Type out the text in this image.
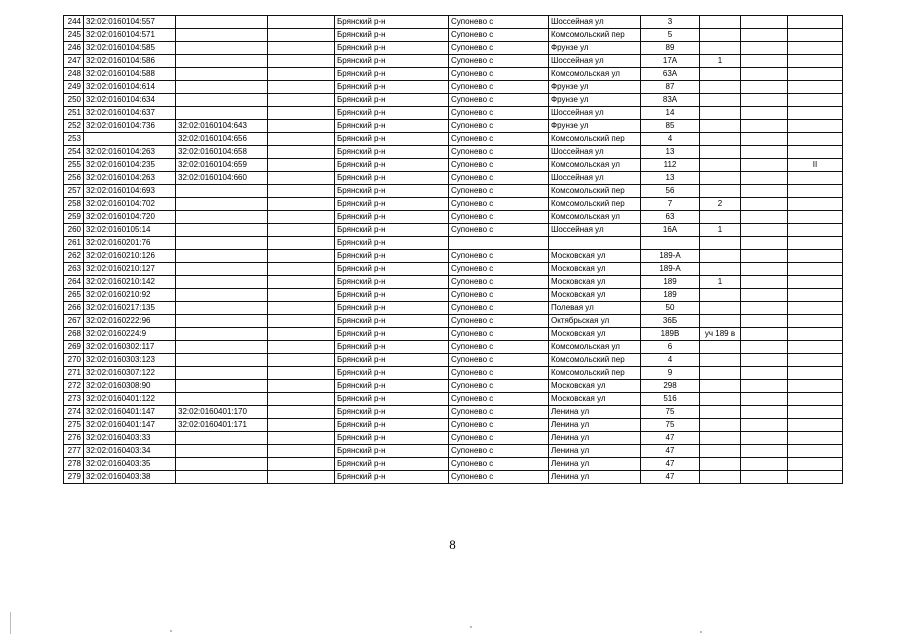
244	32:02:0160104:557			Брянский р-н	Супонево с	Шоссейная ул	3			
245	32:02:0160104:571			Брянский р-н	Супонево с	Комсомольский пер	5			
246	32:02:0160104:585			Брянский р-н	Супонево с	Фрунзе ул	89			
247	32:02:0160104:586			Брянский р-н	Супонево с	Шоссейная ул	17А	1		
248	32:02:0160104:588			Брянский р-н	Супонево с	Комсомольская ул	63А			
249	32:02:0160104:614			Брянский р-н	Супонево с	Фрунзе ул	87			
250	32:02:0160104:634			Брянский р-н	Супонево с	Фрунзе ул	83А			
251	32:02:0160104:637			Брянский р-н	Супонево с	Шоссейная ул	14			
252	32:02:0160104:736	32:02:0160104:643		Брянский р-н	Супонево с	Фрунзе ул	85			
253		32:02:0160104:656		Брянский р-н	Супонево с	Комсомольский пер	4			
254	32:02:0160104:263	32:02:0160104:658		Брянский р-н	Супонево с	Шоссейная ул	13			
255	32:02:0160104:235	32:02:0160104:659		Брянский р-н	Супонево с	Комсомольская ул	112			II
256	32:02:0160104:263	32:02:0160104:660		Брянский р-н	Супонево с	Шоссейная ул	13			
257	32:02:0160104:693			Брянский р-н	Супонево с	Комсомольский пер	56			
258	32:02:0160104:702			Брянский р-н	Супонево с	Комсомольский пер	7	2		
259	32:02:0160104:720			Брянский р-н	Супонево с	Комсомольская ул	63			
260	32:02:0160105:14			Брянский р-н	Супонево с	Шоссейная ул	16А	1		
261	32:02:0160201:76			Брянский р-н						
262	32:02:0160210:126			Брянский р-н	Супонево с	Московская ул	189-А			
263	32:02:0160210:127			Брянский р-н	Супонево с	Московская ул	189-А			
264	32:02:0160210:142			Брянский р-н	Супонево с	Московская ул	189	1		
265	32:02:0160210:92			Брянский р-н	Супонево с	Московская ул	189			
266	32:02:0160217:135			Брянский р-н	Супонево с	Полевая ул	50			
267	32:02:0160222:96			Брянский р-н	Супонево с	Октябрьская ул	36Б			
268	32:02:0160224:9			Брянский р-н	Супонево с	Московская ул	189В	уч 189 в		
269	32:02:0160302:117			Брянский р-н	Супонево с	Комсомольская ул	6			
270	32:02:0160303:123			Брянский р-н	Супонево с	Комсомольский пер	4			
271	32:02:0160307:122			Брянский р-н	Супонево с	Комсомольский пер	9			
272	32:02:0160308:90			Брянский р-н	Супонево с	Московская ул	298			
273	32:02:0160401:122			Брянский р-н	Супонево с	Московская ул	516			
274	32:02:0160401:147	32:02:0160401:170		Брянский р-н	Супонево с	Ленина ул	75			
275	32:02:0160401:147	32:02:0160401:171		Брянский р-н	Супонево с	Ленина ул	75			
276	32:02:0160403:33			Брянский р-н	Супонево с	Ленина ул	47			
277	32:02:0160403:34			Брянский р-н	Супонево с	Ленина ул	47			
278	32:02:0160403:35			Брянский р-н	Супонево с	Ленина ул	47			
279	32:02:0160403:38			Брянский р-н	Супонево с	Ленина ул	47			
8
